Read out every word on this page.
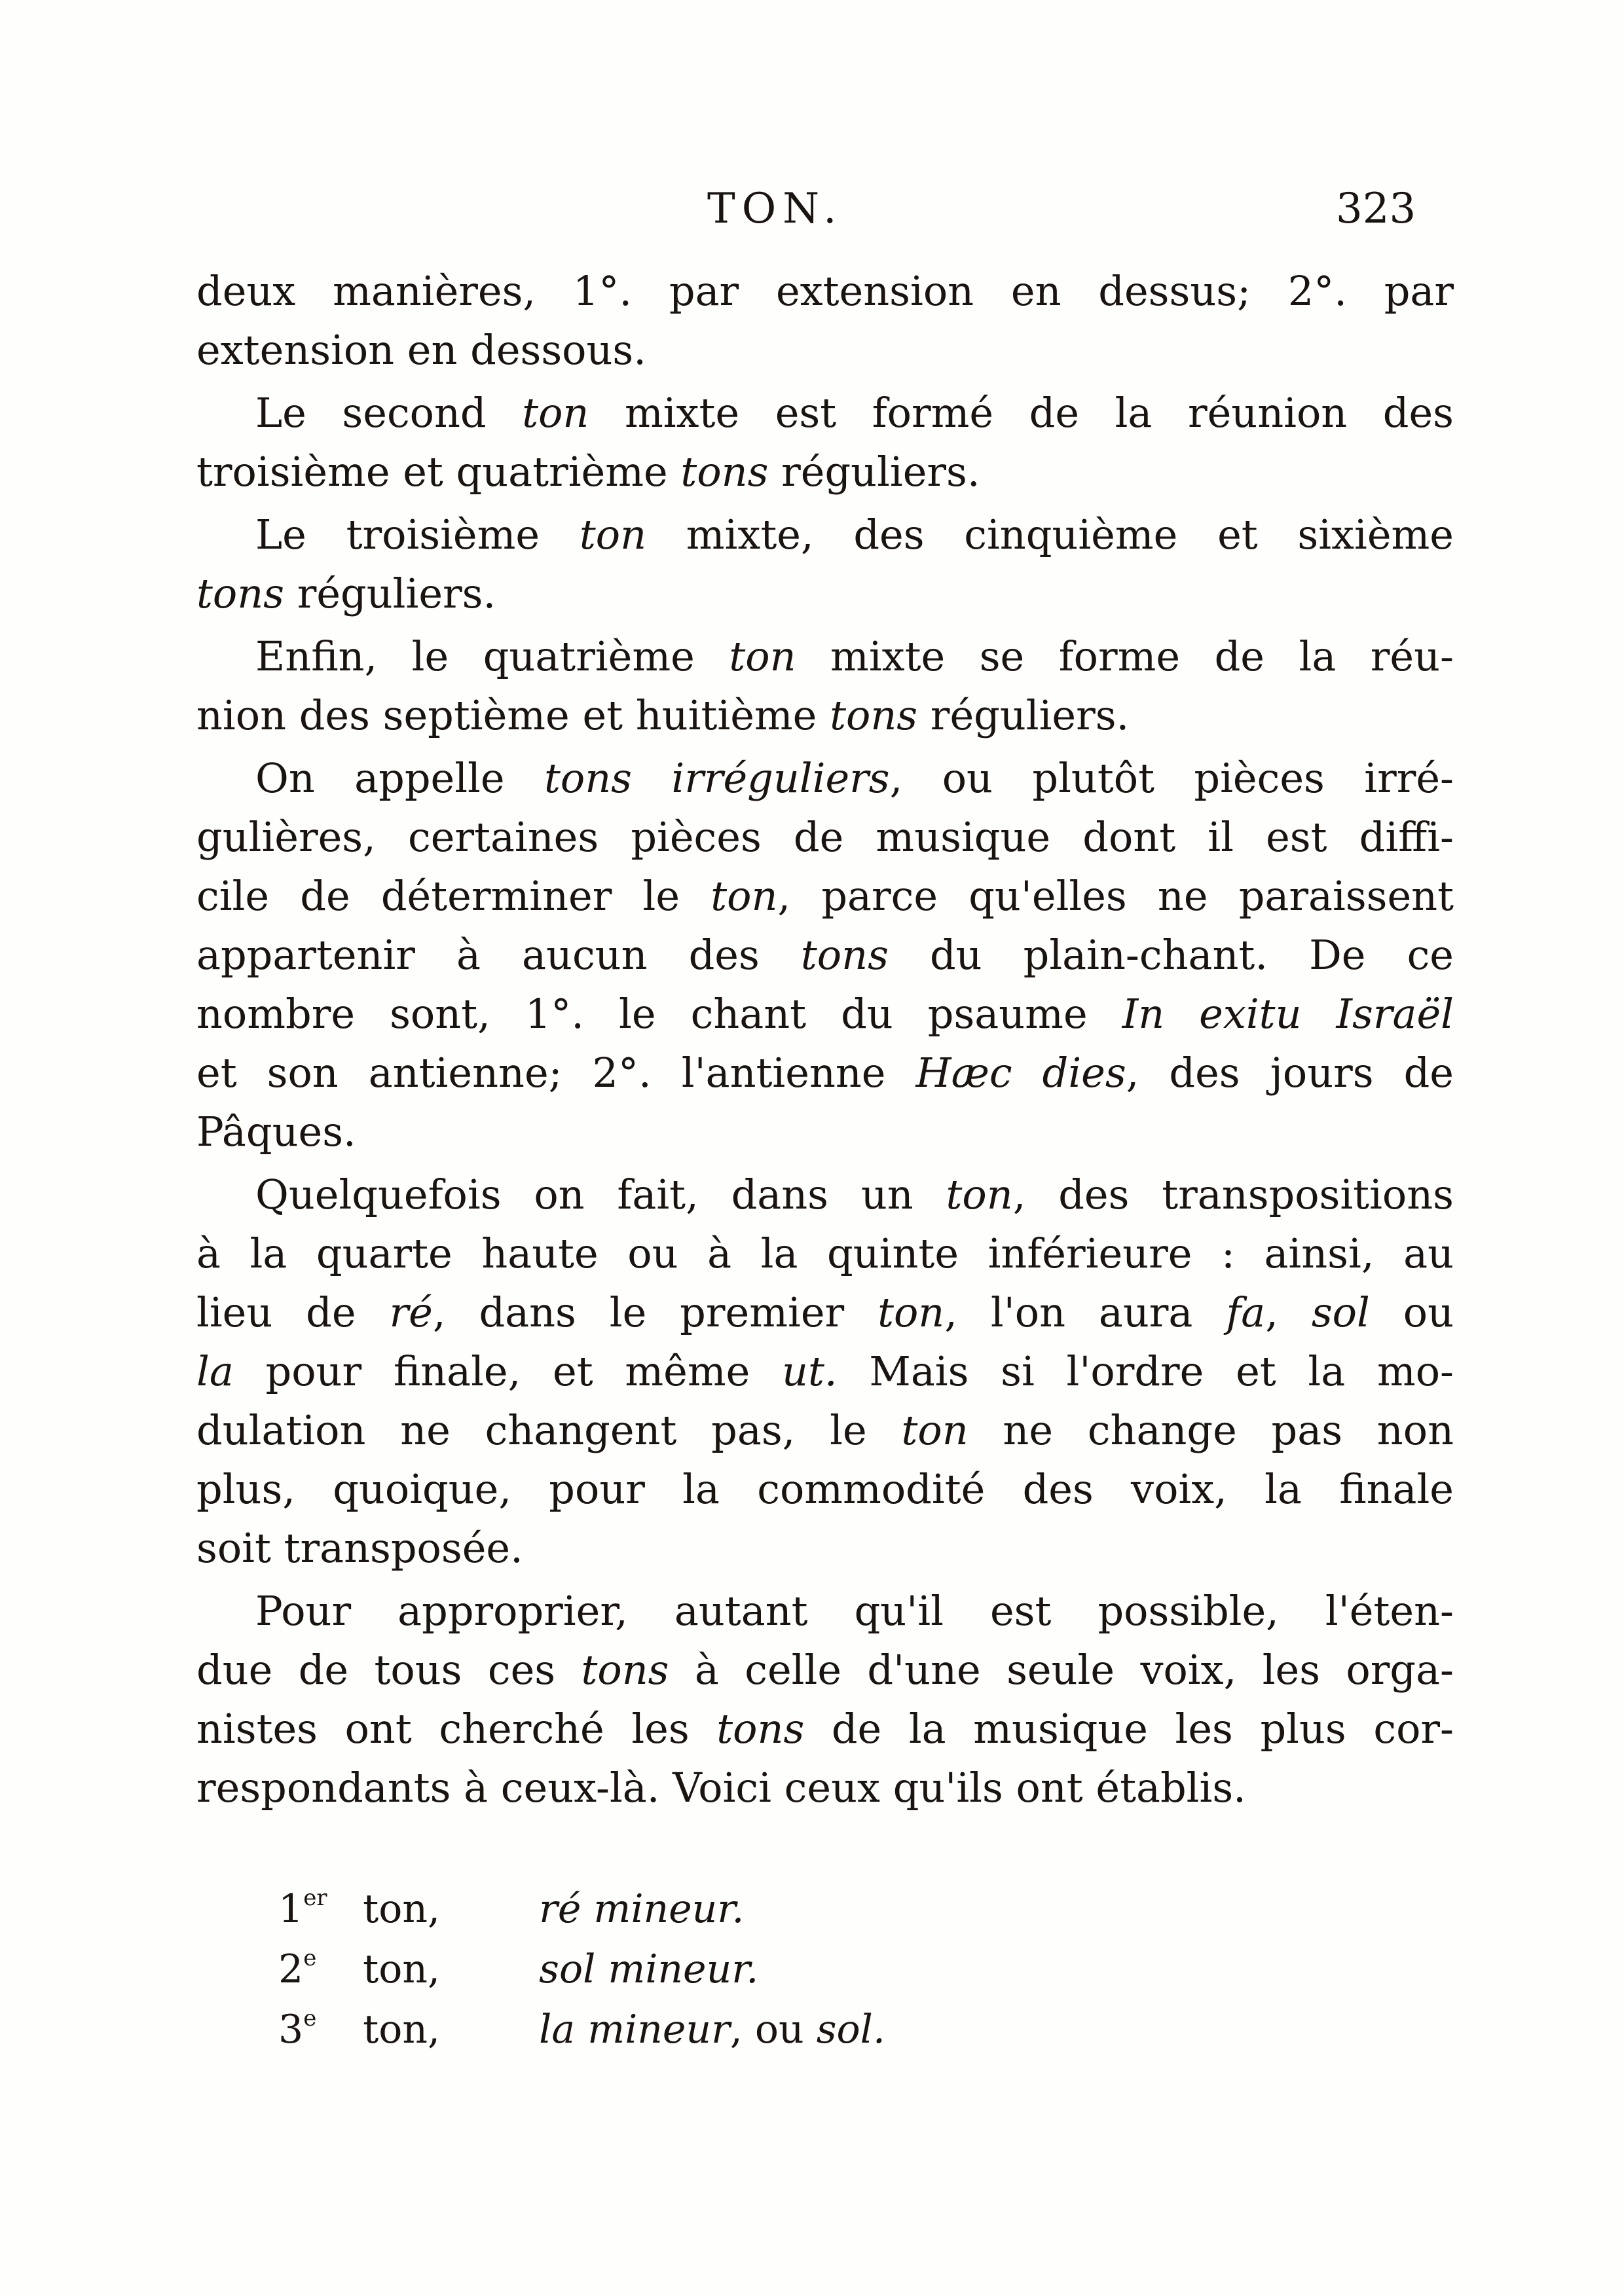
TON.	323
deux manières, 1°. par extension en dessus; 2°. par
extension en dessous.
Le second ton mixte est formé de la réunion des
troisième et quatrième tons réguliers.
Le troisième ton mixte, des cinquième et sixième
tons réguliers.
Enfin, le quatrième ton mixte se forme de la réu-
nion des septième et huitième tons réguliers.
On appelle tons irréguliers, ou plutôt pièces irré-
gulières, certaines pièces de musique dont il est diffi-
cile de déterminer le ton, parce qu'elles ne paraissent
appartenir à aucun des tons du plain-chant. De ce
nombre sont, 1°. le chant du psaume In exitu Israël
et son antienne; 2°. l'antienne Hæc dies, des jours de
Pâques.
Quelquefois on fait, dans un ton, des transpositions
à la quarte haute ou à la quinte inférieure : ainsi, au
lieu de ré, dans le premier ton, l'on aura fa, sol ou
la pour finale, et même ut. Mais si l'ordre et la mo-
dulation ne changent pas, le ton ne change pas non
plus, quoique, pour la commodité des voix, la finale
soit transposée.
Pour approprier, autant qu'il est possible, l'éten-
due de tous ces tons à celle d'une seule voix, les orga-
nistes ont cherché les tons de la musique les plus cor-
respondants à ceux-là. Voici ceux qu'ils ont établis.
1er ton,	ré mineur.
2e ton,	sol mineur.
3e ton,	la mineur, ou sol.
